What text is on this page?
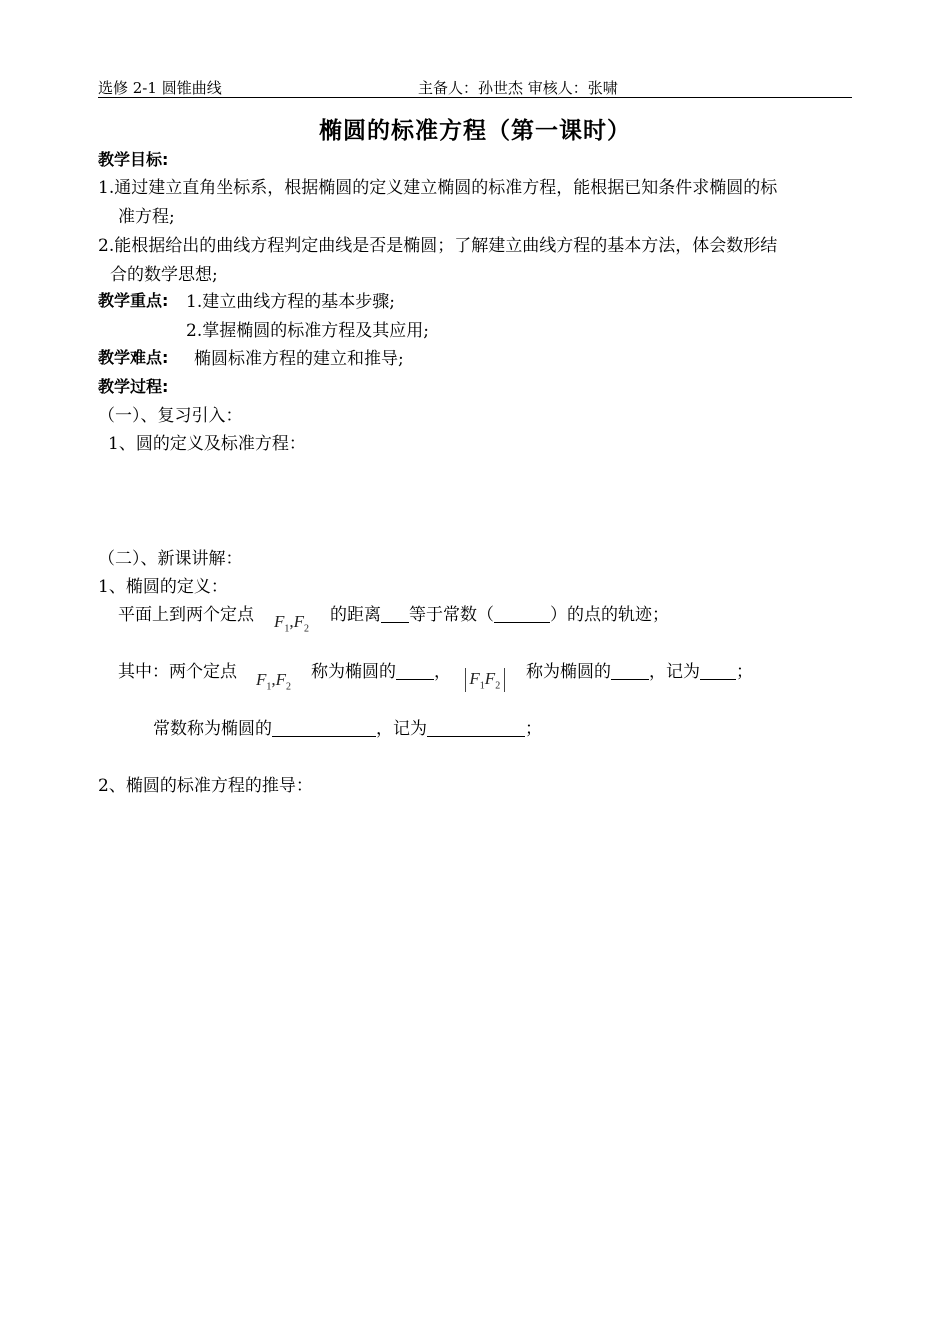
选修 2-1 圆锥曲线	主备人：孙世杰 审核人：张啸
椭圆的标准方程（第一课时）
教学目标:
1.通过建立直角坐标系，根据椭圆的定义建立椭圆的标准方程，能根据已知条件求椭圆的标
准方程;
2.能根据给出的曲线方程判定曲线是否是椭圆；了解建立曲线方程的基本方法，体会数形结
合的数学思想;
教学重点: 1.建立曲线方程的基本步骤;
2.掌握椭圆的标准方程及其应用;
教学难点: 椭圆标准方程的建立和推导;
教学过程:
（一）、复习引入：
1、圆的定义及标准方程：
（二）、新课讲解：
1、椭圆的定义：
平面上到两个定点 $F_1,F_2$
的距离 等于常数（	）的点的轨迹；
其中：两个定点 $F_1,F_2$
称为椭圆的 ，
  $F_1F_2$ 
称为椭圆的 ，记为 ；
常数称为椭圆的	，记为	；
2、椭圆的标准方程的推导：
